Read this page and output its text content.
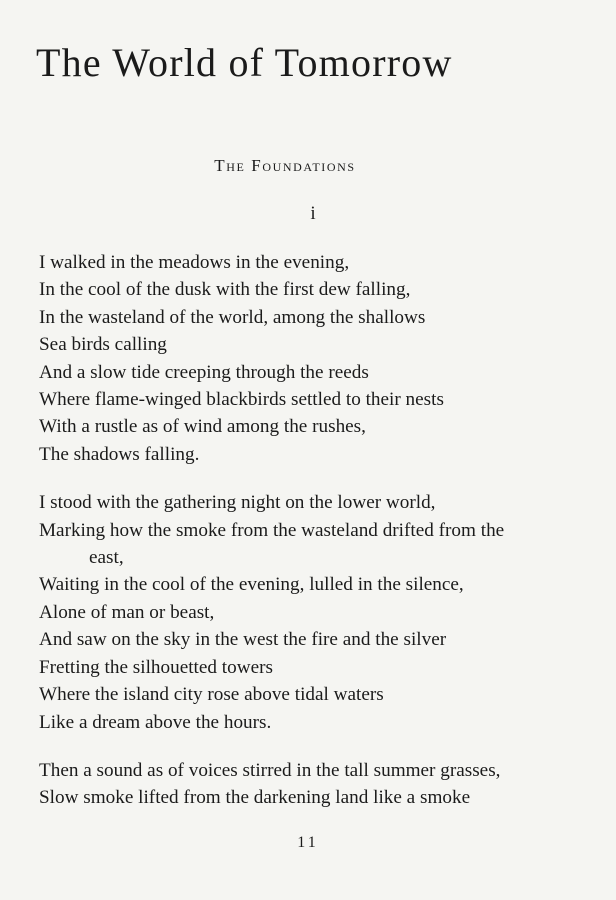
The World of Tomorrow
The Foundations
i
I walked in the meadows in the evening,
In the cool of the dusk with the first dew falling,
In the wasteland of the world, among the shallows
Sea birds calling
And a slow tide creeping through the reeds
Where flame-winged blackbirds settled to their nests
With a rustle as of wind among the rushes,
The shadows falling.
I stood with the gathering night on the lower world,
Marking how the smoke from the wasteland drifted from the
east,
Waiting in the cool of the evening, lulled in the silence,
Alone of man or beast,
And saw on the sky in the west the fire and the silver
Fretting the silhouetted towers
Where the island city rose above tidal waters
Like a dream above the hours.
Then a sound as of voices stirred in the tall summer grasses,
Slow smoke lifted from the darkening land like a smoke
11
